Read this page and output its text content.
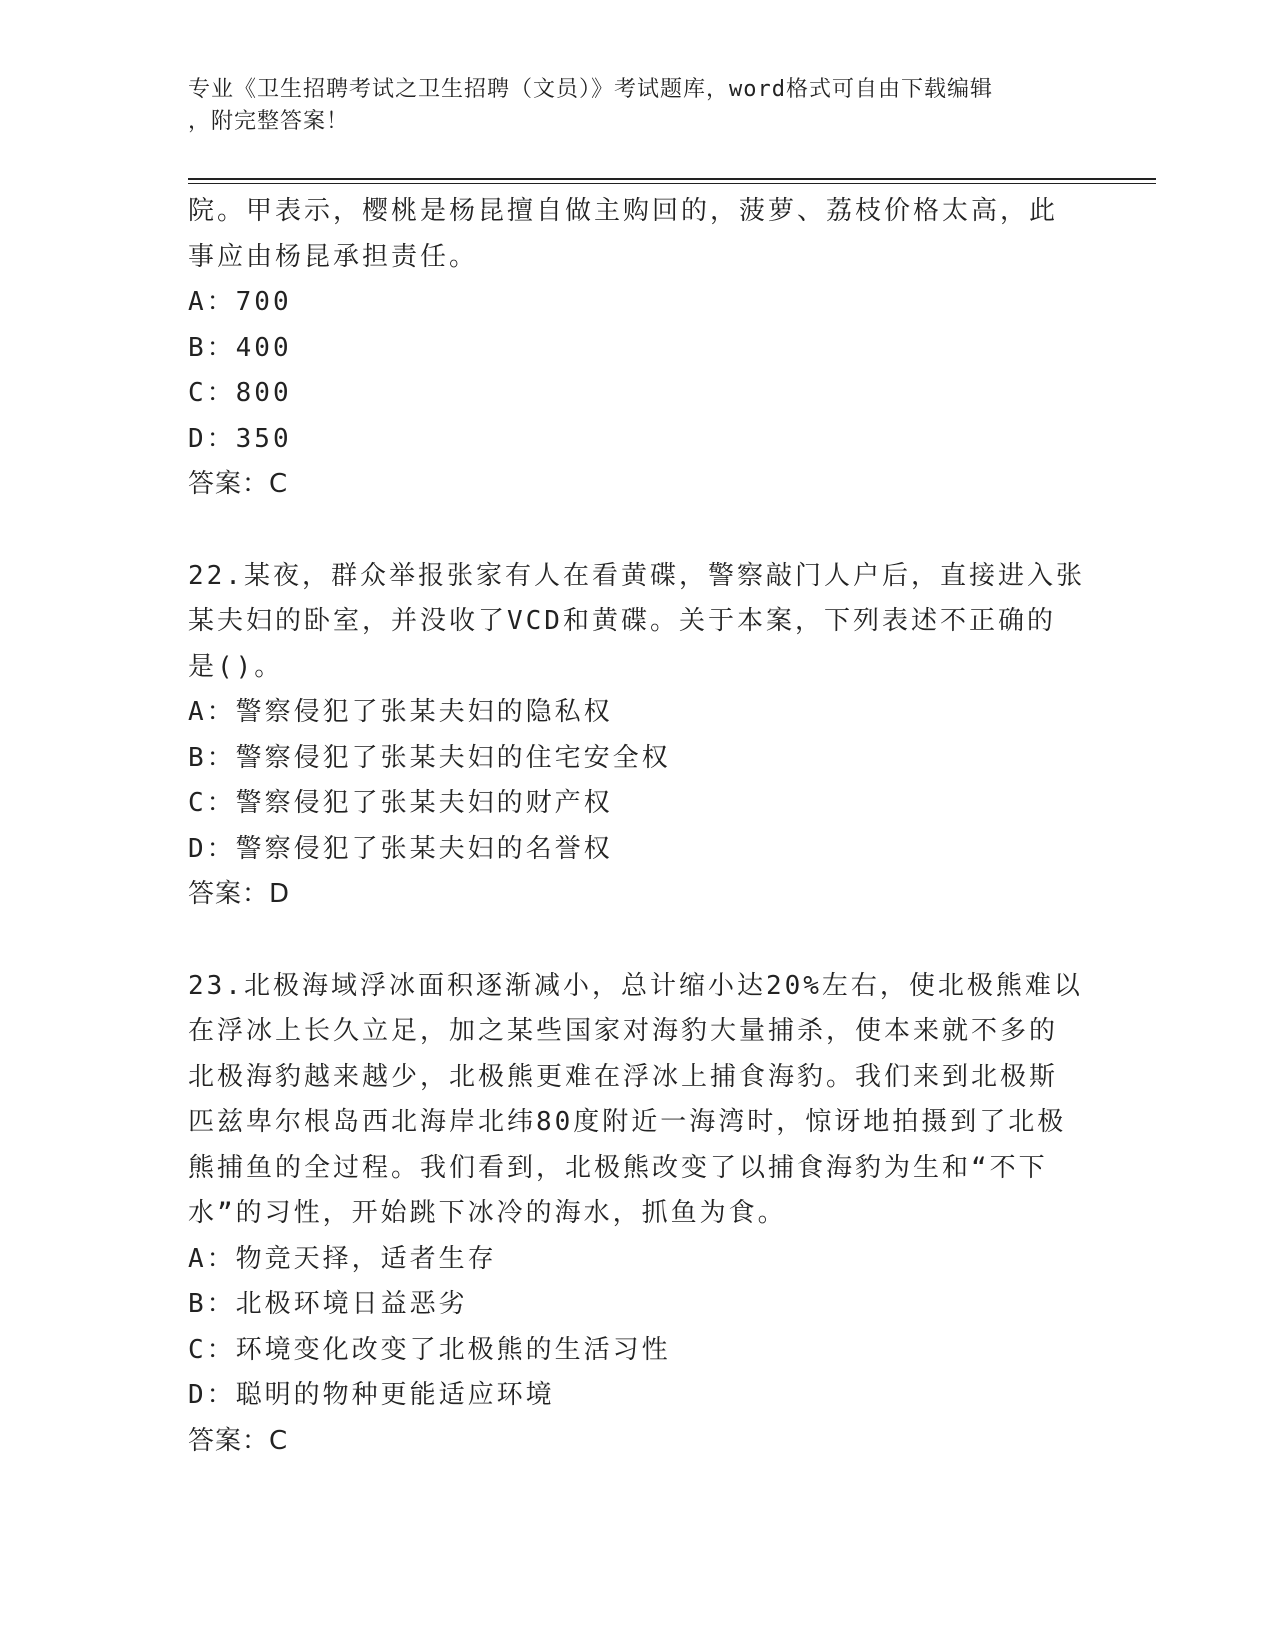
专业《卫生招聘考试之卫生招聘（文员）》考试题库，word格式可自由下载编辑
，附完整答案！

院。甲表示，樱桃是杨昆擅自做主购回的，菠萝、荔枝价格太高，此

事应由杨昆承担责任。

A：700

B：400

C：800

D：350

答案：C

22.某夜，群众举报张家有人在看黄碟，警察敲门人户后，直接进入张

某夫妇的卧室，并没收了VCD和黄碟。关于本案，下列表述不正确的

是()。

A：警察侵犯了张某夫妇的隐私权

B：警察侵犯了张某夫妇的住宅安全权

C：警察侵犯了张某夫妇的财产权

D：警察侵犯了张某夫妇的名誉权

答案：D

23.北极海域浮冰面积逐渐减小，总计缩小达20%左右，使北极熊难以

在浮冰上长久立足，加之某些国家对海豹大量捕杀，使本来就不多的

北极海豹越来越少，北极熊更难在浮冰上捕食海豹。我们来到北极斯

匹兹卑尔根岛西北海岸北纬80度附近一海湾时，惊讶地拍摄到了北极

熊捕鱼的全过程。我们看到，北极熊改变了以捕食海豹为生和“不下

水”的习性，开始跳下冰冷的海水，抓鱼为食。

A：物竞天择，适者生存

B：北极环境日益恶劣

C：环境变化改变了北极熊的生活习性

D：聪明的物种更能适应环境

答案：C
